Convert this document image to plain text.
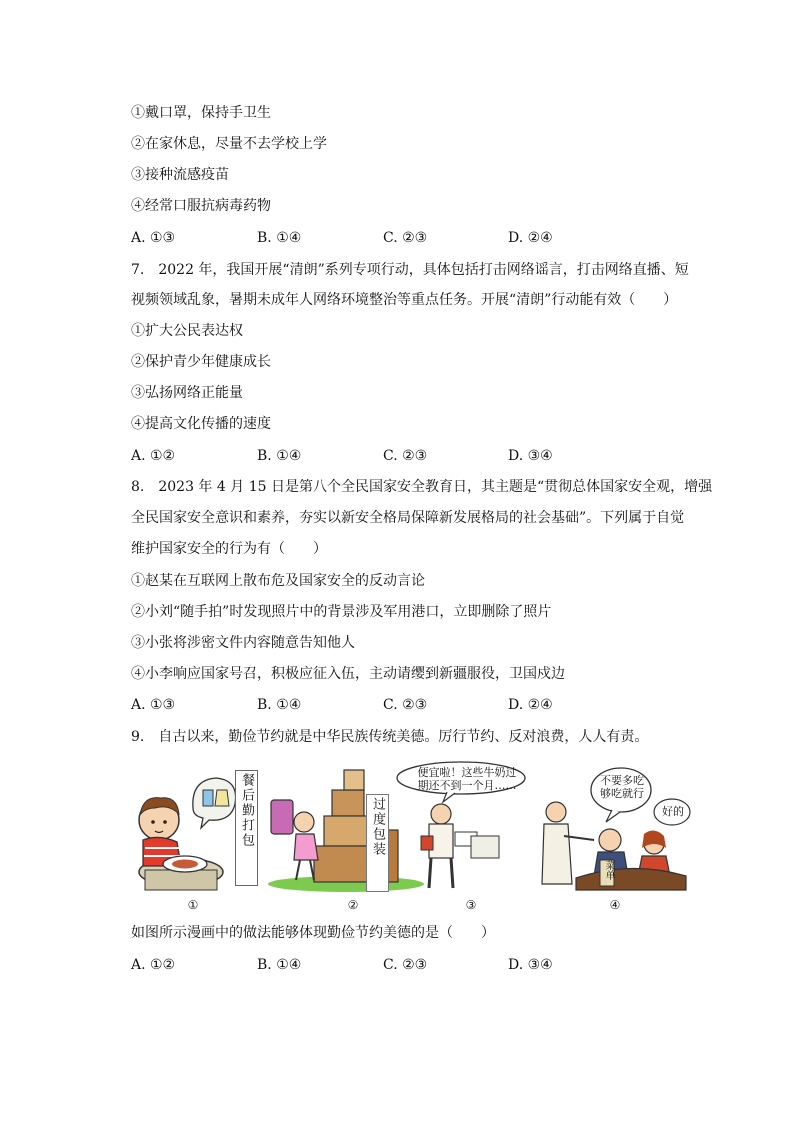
①戴口罩，保持手卫生
②在家休息，尽量不去学校上学
③接种流感疫苗
④经常口服抗病毒药物
A. ①③	B. ①④	C. ②③	D. ②④
7.　2022 年，我国开展“清朗”系列专项行动，具体包括打击网络谣言，打击网络直播、短
视频领域乱象，暑期未成年人网络环境整治等重点任务。开展“清朗”行动能有效（　　）
①扩大公民表达权
②保护青少年健康成长
③弘扬网络正能量
④提高文化传播的速度
A. ①②	B. ①④	C. ②③	D. ③④
8.　2023 年 4 月 15 日是第八个全民国家安全教育日，其主题是“贯彻总体国家安全观，增强
全民国家安全意识和素养，夯实以新安全格局保障新发展格局的社会基础”。下列属于自觉
维护国家安全的行为有（　　）
①赵某在互联网上散布危及国家安全的反动言论
②小刘“随手拍”时发现照片中的背景涉及军用港口，立即删除了照片
③小张将涉密文件内容随意告知他人
④小李响应国家号召，积极应征入伍，主动请缨到新疆服役，卫国戍边
A. ①③	B. ①④	C. ②③	D. ②④
9.　自古以来，勤俭节约就是中华民族传统美德。厉行节约、反对浪费，人人有责。
餐后勤打包	过度包装
便宜啦！这些牛奶过
期还不到一个月……	不要多吃
够吃就行
好的
菜单
①	②	③	④
如图所示漫画中的做法能够体现勤俭节约美德的是（　　）
A. ①②	B. ①④	C. ②③	D. ③④
